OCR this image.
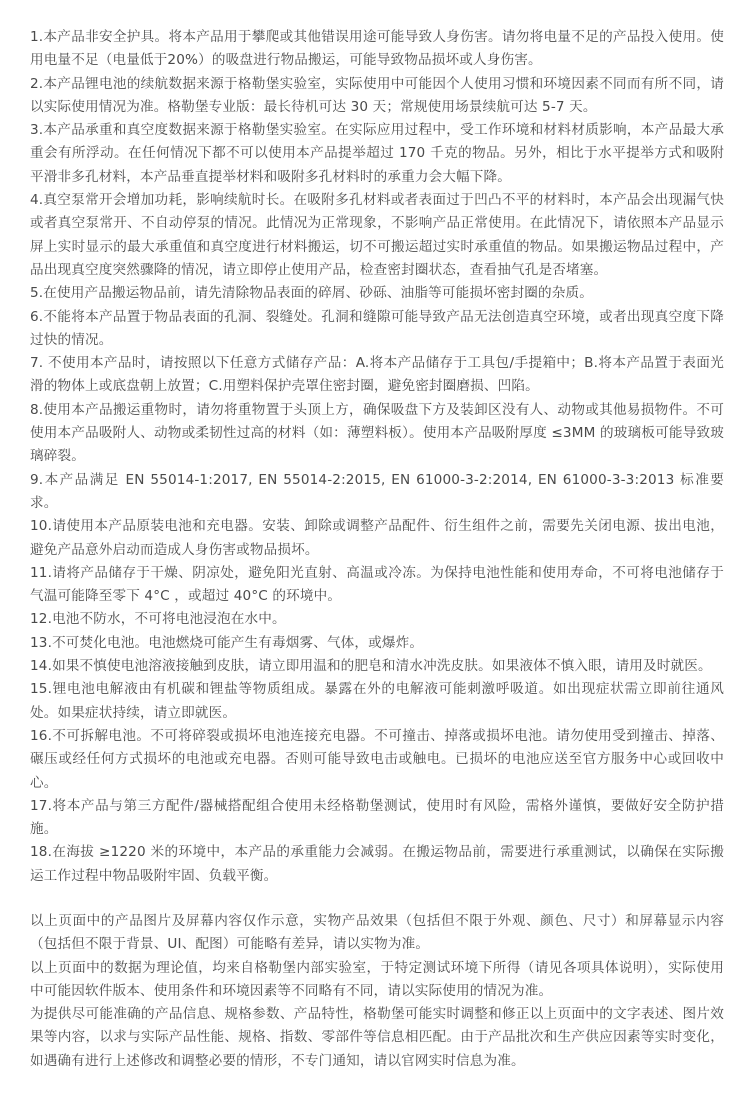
1.本产品非安全护具。将本产品用于攀爬或其他错误用途可能导致人身伤害。请勿将电量不足的产品投入使用。使用电量不足（电量低于20%）的吸盘进行物品搬运，可能导致物品损坏或人身伤害。

2.本产品锂电池的续航数据来源于格勒堡实验室，实际使用中可能因个人使用习惯和环境因素不同而有所不同，请以实际使用情况为准。格勒堡专业版：最长待机可达 30 天；常规使用场景续航可达 5-7 天。

3.本产品承重和真空度数据来源于格勒堡实验室。在实际应用过程中，受工作环境和材料材质影响，本产品最大承重会有所浮动。在任何情况下都不可以使用本产品提举超过 170 千克的物品。另外，相比于水平提举方式和吸附平滑非多孔材料，本产品垂直提举材料和吸附多孔材料时的承重力会大幅下降。

4.真空泵常开会增加功耗，影响续航时长。在吸附多孔材料或者表面过于凹凸不平的材料时，本产品会出现漏气快或者真空泵常开、不自动停泵的情况。此情况为正常现象，不影响产品正常使用。在此情况下，请依照本产品显示屏上实时显示的最大承重值和真空度进行材料搬运，切不可搬运超过实时承重值的物品。如果搬运物品过程中，产品出现真空度突然骤降的情况，请立即停止使用产品，检查密封圈状态，查看抽气孔是否堵塞。

5.在使用产品搬运物品前，请先清除物品表面的碎屑、砂砾、油脂等可能损坏密封圈的杂质。

6.不能将本产品置于物品表面的孔洞、裂缝处。孔洞和缝隙可能导致产品无法创造真空环境，或者出现真空度下降过快的情况。

7. 不使用本产品时，请按照以下任意方式储存产品：A.将本产品储存于工具包/手提箱中；B.将本产品置于表面光滑的物体上或底盘朝上放置；C.用塑料保护壳罩住密封圈，避免密封圈磨损、凹陷。

8.使用本产品搬运重物时，请勿将重物置于头顶上方，确保吸盘下方及装卸区没有人、动物或其他易损物件。不可使用本产品吸附人、动物或柔韧性过高的材料（如：薄塑料板）。使用本产品吸附厚度 ≤3MM 的玻璃板可能导致玻璃碎裂。

9.本产品满足 EN 55014-1:2017, EN 55014-2:2015, EN 61000-3-2:2014, EN 61000-3-3:2013 标准要求。

10.请使用本产品原装电池和充电器。安装、卸除或调整产品配件、衍生组件之前，需要先关闭电源、拔出电池，避免产品意外启动而造成人身伤害或物品损坏。

11.请将产品储存于干燥、阴凉处，避免阳光直射、高温或冷冻。为保持电池性能和使用寿命，不可将电池储存于气温可能降至零下 4°C ，或超过 40°C 的环境中。

12.电池不防水，不可将电池浸泡在水中。

13.不可焚化电池。电池燃烧可能产生有毒烟雾、气体，或爆炸。

14.如果不慎使电池溶液接触到皮肤，请立即用温和的肥皂和清水冲洗皮肤。如果液体不慎入眼，请用及时就医。

15.锂电池电解液由有机碳和锂盐等物质组成。暴露在外的电解液可能刺激呼吸道。如出现症状需立即前往通风处。如果症状持续，请立即就医。

16.不可拆解电池。不可将碎裂或损坏电池连接充电器。不可撞击、掉落或损坏电池。请勿使用受到撞击、掉落、碾压或经任何方式损坏的电池或充电器。否则可能导致电击或触电。已损坏的电池应送至官方服务中心或回收中心。

17.将本产品与第三方配件/器械搭配组合使用未经格勒堡测试，使用时有风险，需格外谨慎，要做好安全防护措施。

18.在海拔 ≥1220 米的环境中，本产品的承重能力会减弱。在搬运物品前，需要进行承重测试，以确保在实际搬运工作过程中物品吸附牢固、负载平衡。

以上页面中的产品图片及屏幕内容仅作示意，实物产品效果（包括但不限于外观、颜色、尺寸）和屏幕显示内容（包括但不限于背景、UI、配图）可能略有差异，请以实物为准。

以上页面中的数据为理论值，均来自格勒堡内部实验室，于特定测试环境下所得（请见各项具体说明），实际使用中可能因软件版本、使用条件和环境因素等不同略有不同，请以实际使用的情况为准。

为提供尽可能准确的产品信息、规格参数、产品特性，格勒堡可能实时调整和修正以上页面中的文字表述、图片效果等内容，以求与实际产品性能、规格、指数、零部件等信息相匹配。由于产品批次和生产供应因素等实时变化，如遇确有进行上述修改和调整必要的情形，不专门通知，请以官网实时信息为准。
